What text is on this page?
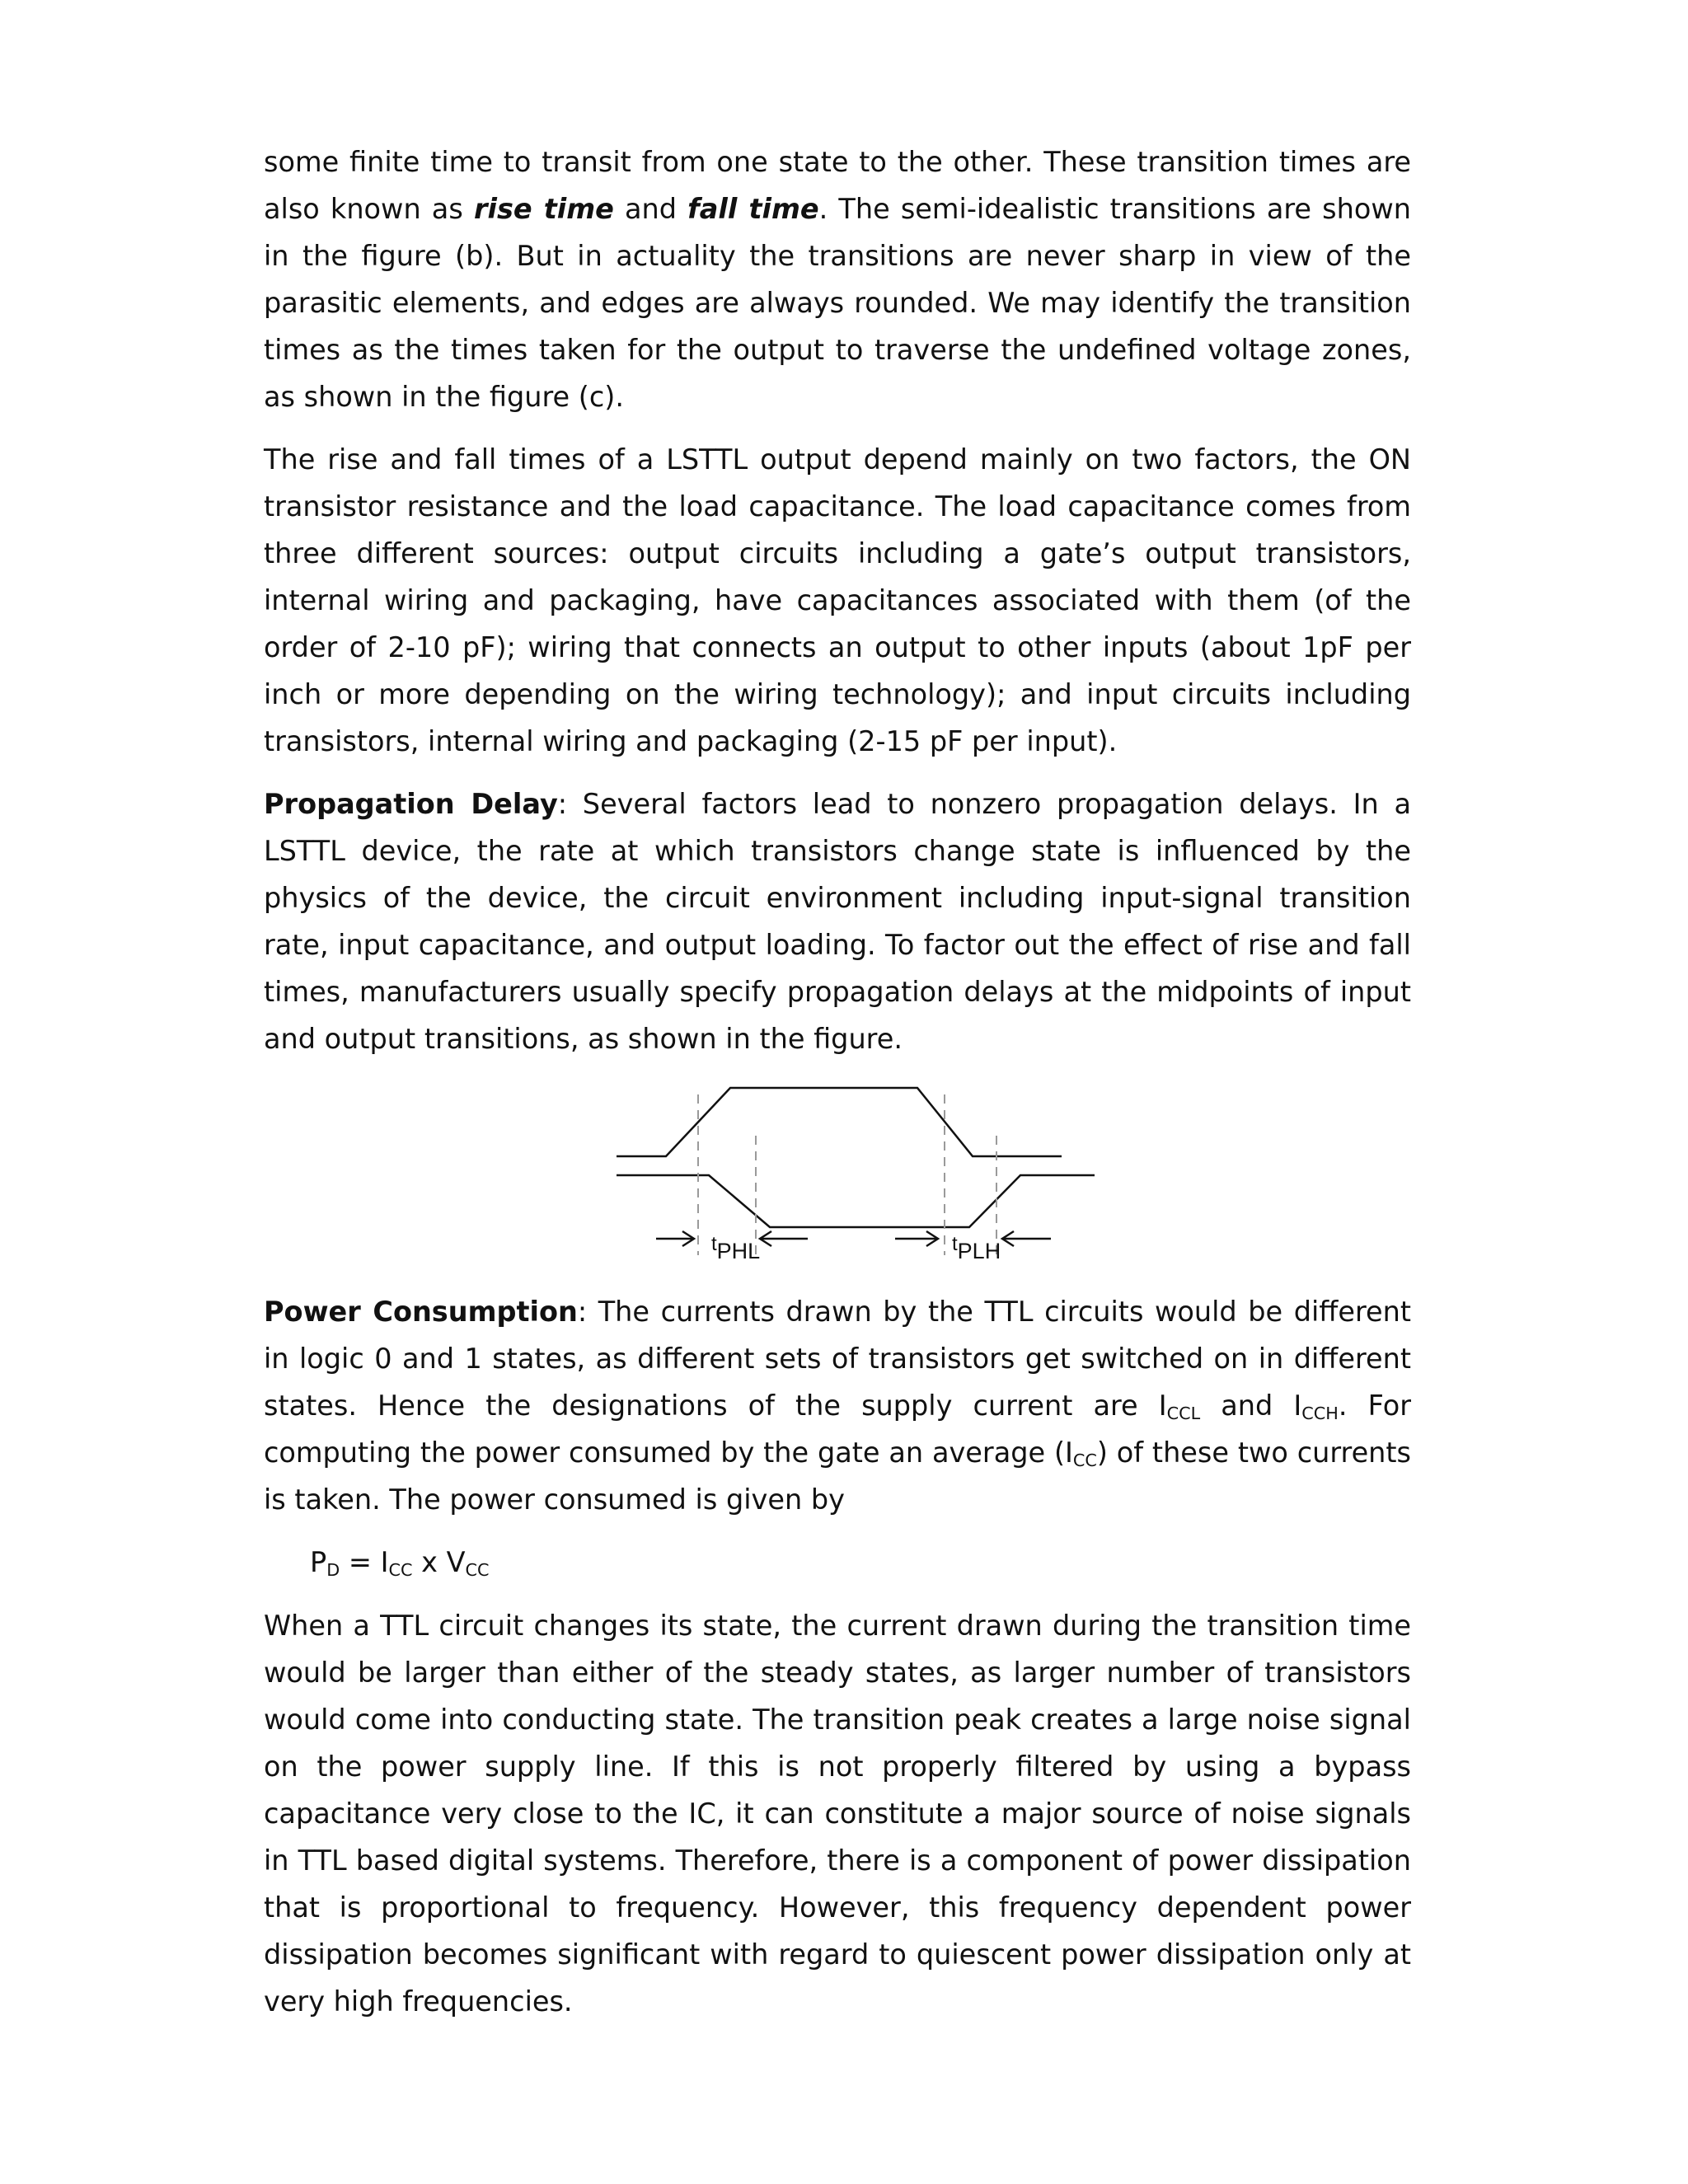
some finite time to transit from one state to the other. These transition times are also known as rise time and fall time. The semi-idealistic transitions are shown in the figure (b). But in actuality the transitions are never sharp in view of the parasitic elements, and edges are always rounded. We may identify the transition times as the times taken for the output to traverse the undefined voltage zones, as shown in the figure (c).

The rise and fall times of a LSTTL output depend mainly on two factors, the ON transistor resistance and the load capacitance. The load capacitance comes from three different sources: output circuits including a gate’s output transistors, internal wiring and packaging, have capacitances associated with them (of the order of 2-10 pF); wiring that connects an output to other inputs (about 1pF per inch or more depending on the wiring technology); and input circuits including transistors, internal wiring and packaging (2-15 pF per input).

Propagation Delay: Several factors lead to nonzero propagation delays. In a LSTTL device, the rate at which transistors change state is influenced by the physics of the device, the circuit environment including input-signal transition rate, input capacitance, and output loading. To factor out the effect of rise and fall times, manufacturers usually specify propagation delays at the midpoints of input and output transitions, as shown in the figure.

tPHL	tPLH

Power Consumption: The currents drawn by the TTL circuits would be different in logic 0 and 1 states, as different sets of transistors get switched on in different states. Hence the designations of the supply current are $I_{CCL}$ and $I_{CCH}$. For computing the power consumed by the gate an average $(I_{CC})$ of these two currents is taken. The power consumed is given by

$P_D = I_{CC}$ x $V_{CC}$

When a TTL circuit changes its state, the current drawn during the transition time would be larger than either of the steady states, as larger number of transistors would come into conducting state. The transition peak creates a large noise signal on the power supply line. If this is not properly filtered by using a bypass capacitance very close to the IC, it can constitute a major source of noise signals in TTL based digital systems. Therefore, there is a component of power dissipation that is proportional to frequency. However, this frequency dependent power dissipation becomes significant with regard to quiescent power dissipation only at very high frequencies.
